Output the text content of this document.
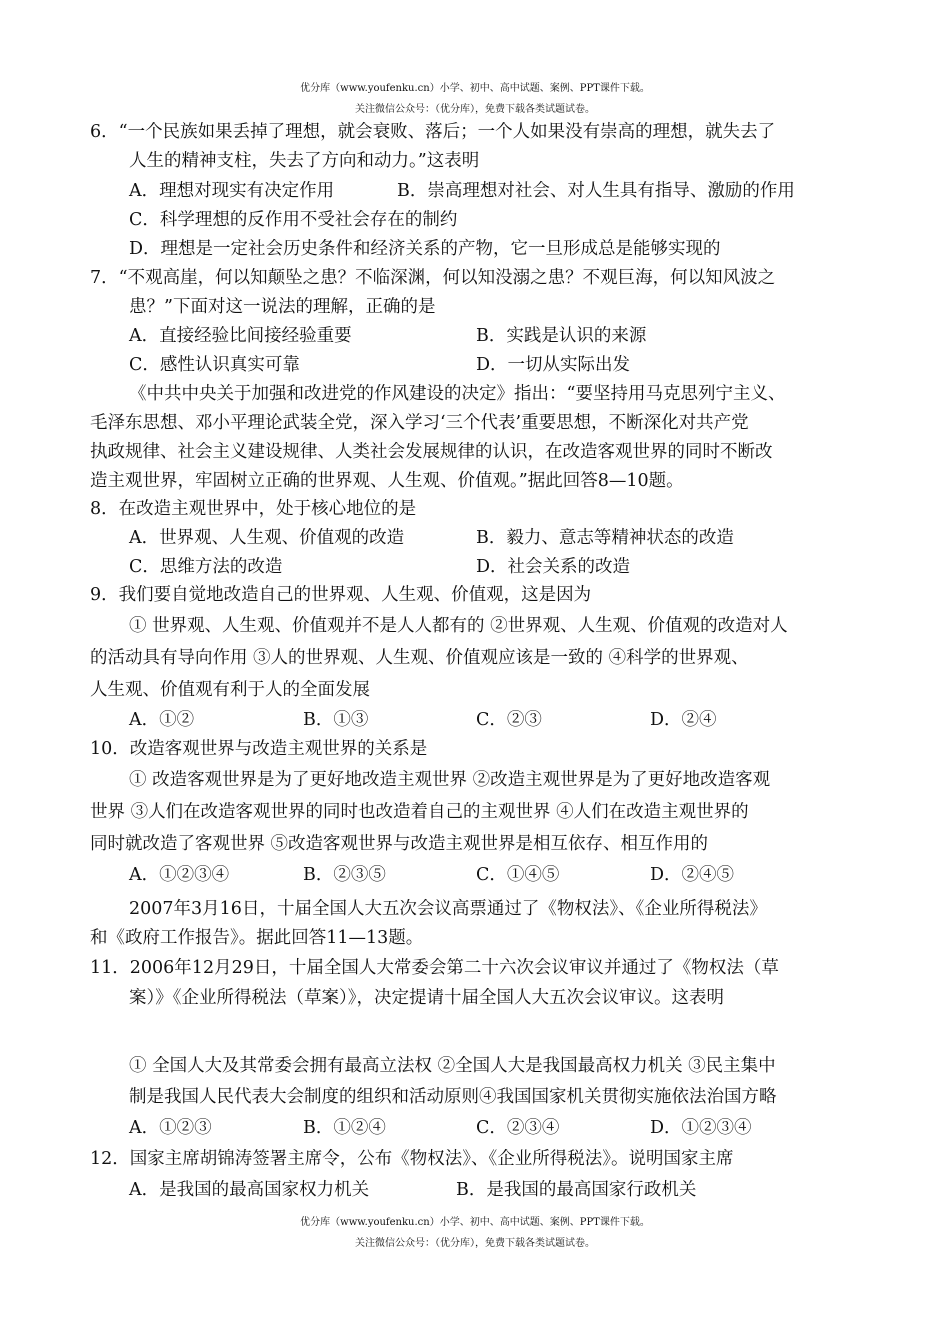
优分库（www.youfenku.cn）小学、初中、高中试题、案例、PPT课件下载。
关注微信公众号：（优分库），免费下载各类试题试卷。
6．“一个民族如果丢掉了理想，就会衰败、落后；一个人如果没有崇高的理想，就失去了
人生的精神支柱，失去了方向和动力。”这表明
A．理想对现实有决定作用	B．崇高理想对社会、对人生具有指导、激励的作用
C．科学理想的反作用不受社会存在的制约
D．理想是一定社会历史条件和经济关系的产物，它一旦形成总是能够实现的
7．“不观高崖，何以知颠坠之患？不临深渊，何以知没溺之患？不观巨海，何以知风波之
患？”下面对这一说法的理解，正确的是
A．直接经验比间接经验重要	B．实践是认识的来源
C．感性认识真实可靠	D．一切从实际出发
《中共中央关于加强和改进党的作风建设的决定》指出：“要坚持用马克思列宁主义、
毛泽东思想、邓小平理论武装全党，深入学习‘三个代表’重要思想，不断深化对共产党
执政规律、社会主义建设规律、人类社会发展规律的认识，在改造客观世界的同时不断改
造主观世界，牢固树立正确的世界观、人生观、价值观。”据此回答8—10题。
8．在改造主观世界中，处于核心地位的是
A．世界观、人生观、价值观的改造	B．毅力、意志等精神状态的改造
C．思维方法的改造	D．社会关系的改造
9．我们要自觉地改造自己的世界观、人生观、价值观，这是因为
① 世界观、人生观、价值观并不是人人都有的 ②世界观、人生观、价值观的改造对人
的活动具有导向作用 ③人的世界观、人生观、价值观应该是一致的 ④科学的世界观、
人生观、价值观有利于人的全面发展
A．①②	B．①③	C．②③	D．②④
10．改造客观世界与改造主观世界的关系是
① 改造客观世界是为了更好地改造主观世界 ②改造主观世界是为了更好地改造客观
世界 ③人们在改造客观世界的同时也改造着自己的主观世界 ④人们在改造主观世界的
同时就改造了客观世界 ⑤改造客观世界与改造主观世界是相互依存、相互作用的
A．①②③④	B．②③⑤	C．①④⑤	D．②④⑤
2007年3月16日，十届全国人大五次会议高票通过了《物权法》、《企业所得税法》
和《政府工作报告》。据此回答11—13题。
11．2006年12月29日，十届全国人大常委会第二十六次会议审议并通过了《物权法（草
案）》《企业所得税法（草案）》，决定提请十届全国人大五次会议审议。这表明
① 全国人大及其常委会拥有最高立法权 ②全国人大是我国最高权力机关 ③民主集中
制是我国人民代表大会制度的组织和活动原则④我国国家机关贯彻实施依法治国方略
A．①②③	B．①②④	C．②③④	D．①②③④
12．国家主席胡锦涛签署主席令，公布《物权法》、《企业所得税法》。说明国家主席
A．是我国的最高国家权力机关	B．是我国的最高国家行政机关
优分库（www.youfenku.cn）小学、初中、高中试题、案例、PPT课件下载。
关注微信公众号：（优分库），免费下载各类试题试卷。
